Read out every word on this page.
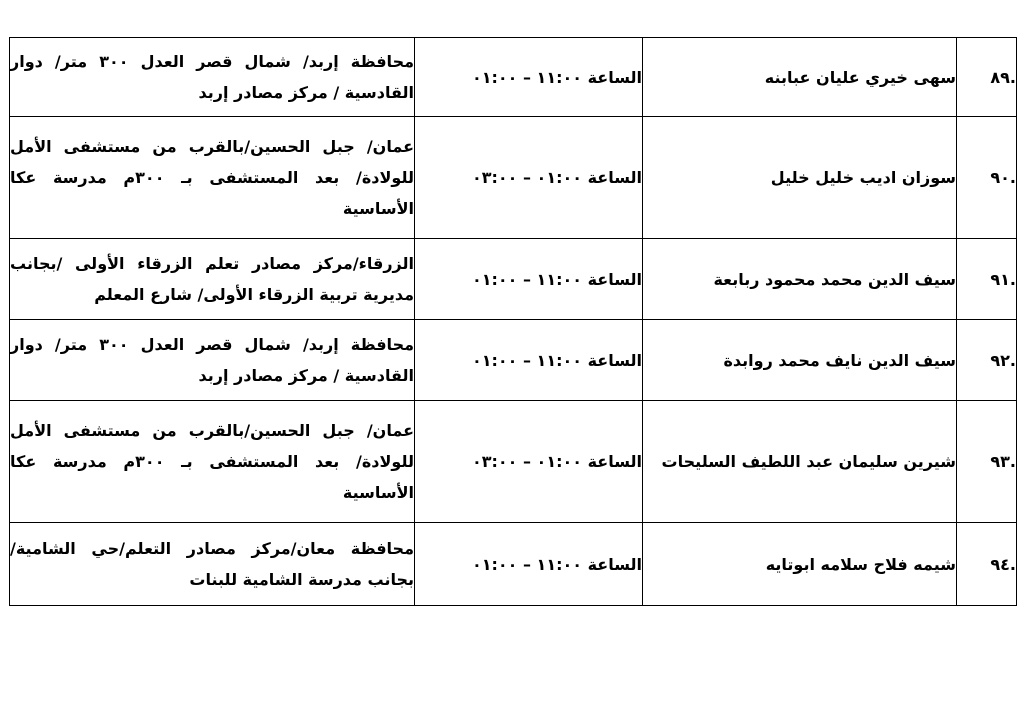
.٨٩	سهى خيري عليان عبابنه	الساعة ١١:٠٠ – ٠١:٠٠	محافظة إربد/ شمال قصر العدل ٣٠٠ متر/ دوار القادسية / مركز مصادر إربد
.٩٠	سوزان اديب خليل خليل	الساعة ٠١:٠٠ – ٠٣:٠٠	عمان/ جبل الحسين/بالقرب من مستشفى الأمل للولادة/ بعد المستشفى بـ ٣٠٠م مدرسة عكا الأساسية
.٩١	سيف الدين محمد محمود ربابعة	الساعة ١١:٠٠ – ٠١:٠٠	الزرقاء/مركز مصادر تعلم الزرقاء الأولى /بجانب مديرية تربية الزرقاء الأولى/ شارع المعلم
.٩٢	سيف الدين نايف محمد روابدة	الساعة ١١:٠٠ – ٠١:٠٠	محافظة إربد/ شمال قصر العدل ٣٠٠ متر/ دوار القادسية / مركز مصادر إربد
.٩٣	شيرين سليمان عبد اللطيف السليحات	الساعة ٠١:٠٠ – ٠٣:٠٠	عمان/ جبل الحسين/بالقرب من مستشفى الأمل للولادة/ بعد المستشفى بـ ٣٠٠م مدرسة عكا الأساسية
.٩٤	شيمه فلاح سلامه ابوتايه	الساعة ١١:٠٠ – ٠١:٠٠	محافظة معان/مركز مصادر التعلم/حي الشامية/ بجانب مدرسة الشامية للبنات
